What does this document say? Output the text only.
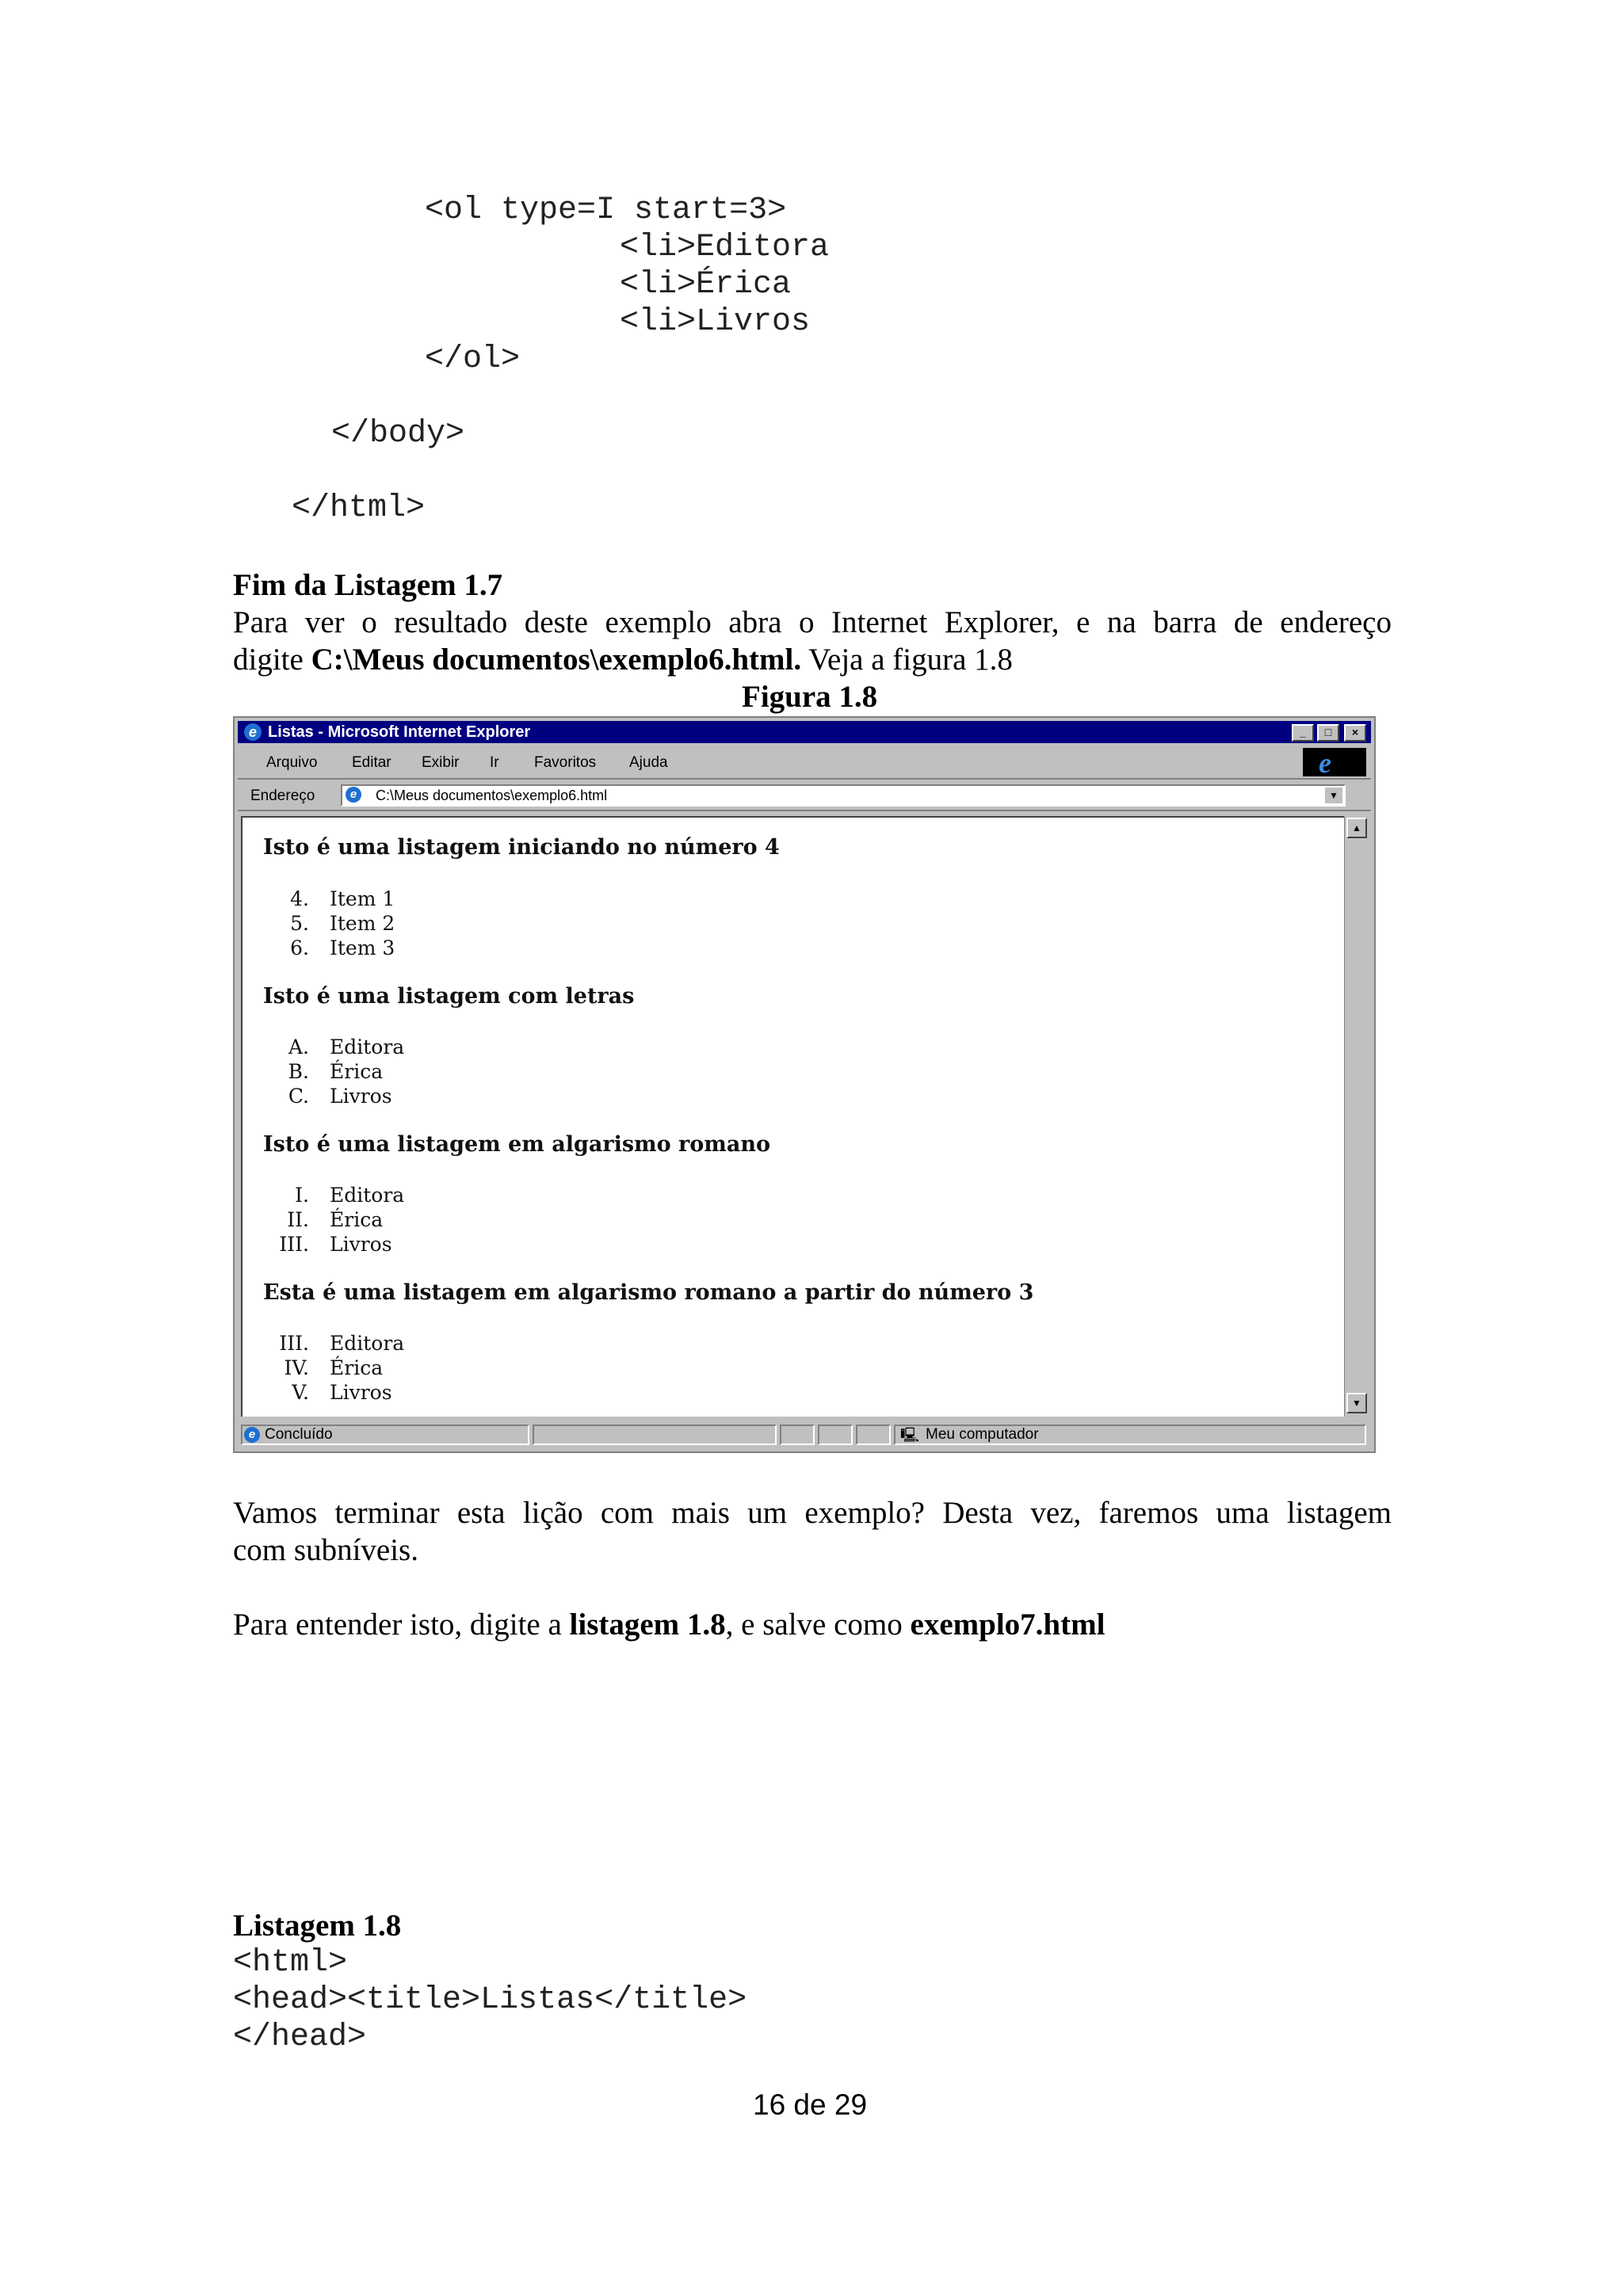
<ol type=I start=3>
<li>Editora
<li>Érica
<li>Livros
</ol>
</body>
</html>
Fim da Listagem 1.7
Para ver o resultado deste exemplo abra o Internet Explorer, e na barra de endereço
digite C:\Meus documentos\exemplo6.html. Veja a figura 1.8
Figura 1.8
e Listas - Microsoft Internet Explorer	_	□	×
Arquivo Editar Exibir Ir Favoritos Ajuda	e
Endereço	e	C:\Meus documentos\exemplo6.html	▼
Isto é uma listagem iniciando no número 4
4. Item 1
5. Item 2
6. Item 3
Isto é uma listagem com letras
A. Editora
B. Érica
C. Livros
Isto é uma listagem em algarismo romano
I. Editora
II. Érica
III. Livros
Esta é uma listagem em algarismo romano a partir do número 3
III. Editora
IV. Érica
V. Livros
▲
▼
e Concluído	🖳 Meu computador
Vamos terminar esta lição com mais um exemplo? Desta vez, faremos uma listagem
com subníveis.
Para entender isto, digite a listagem 1.8, e salve como exemplo7.html
Listagem 1.8
<html>
<head><title>Listas</title>
</head>
16 de 29
